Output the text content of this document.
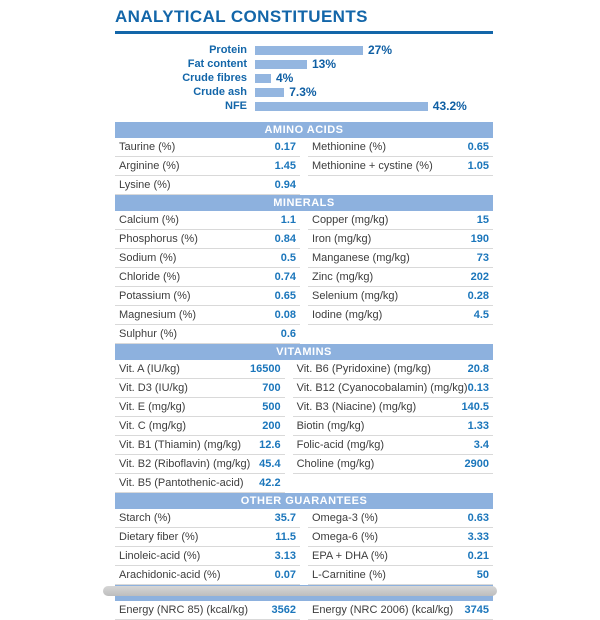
ANALYTICAL CONSTITUENTS
Protein	27%
Fat content	13%
Crude fibres	4%
Crude ash	7.3%
NFE	43.2%
AMINO ACIDS
Taurine (%)	0.17 Methionine (%)	0.65
Arginine (%)	1.45 Methionine + cystine (%)	1.05
Lysine (%)	0.94
MINERALS
Calcium (%)	1.1 Copper (mg/kg)	15
Phosphorus (%)	0.84 Iron (mg/kg)	190
Sodium (%)	0.5 Manganese (mg/kg)	73
Chloride (%)	0.74 Zinc (mg/kg)	202
Potassium (%)	0.65 Selenium (mg/kg)	0.28
Magnesium (%)	0.08 Iodine (mg/kg)	4.5
Sulphur (%)	0.6
VITAMINS
Vit. A (IU/kg)	16500 Vit. B6 (Pyridoxine) (mg/kg)	20.8
Vit. D3 (IU/kg)	700 Vit. B12 (Cyanocobalamin) (mg/kg) 0.13
Vit. E (mg/kg)	500 Vit. B3 (Niacine) (mg/kg)	140.5
Vit. C (mg/kg)	200 Biotin (mg/kg)	1.33
Vit. B1 (Thiamin) (mg/kg) 12.6 Folic-acid (mg/kg)	3.4
Vit. B2 (Riboflavin) (mg/kg) 45.4 Choline (mg/kg)	2900
Vit. B5 (Pantothenic-acid) 42.2
OTHER GUARANTEES
Starch (%)	35.7 Omega-3 (%)	0.63
Dietary fiber (%)	11.5 Omega-6 (%)	3.33
Linoleic-acid (%)	3.13 EPA + DHA (%)	0.21
Arachidonic-acid (%)	0.07 L-Carnitine (%)	50
Energy (NRC 85) (kcal/kg) 3562 Energy (NRC 2006) (kcal/kg) 3745
